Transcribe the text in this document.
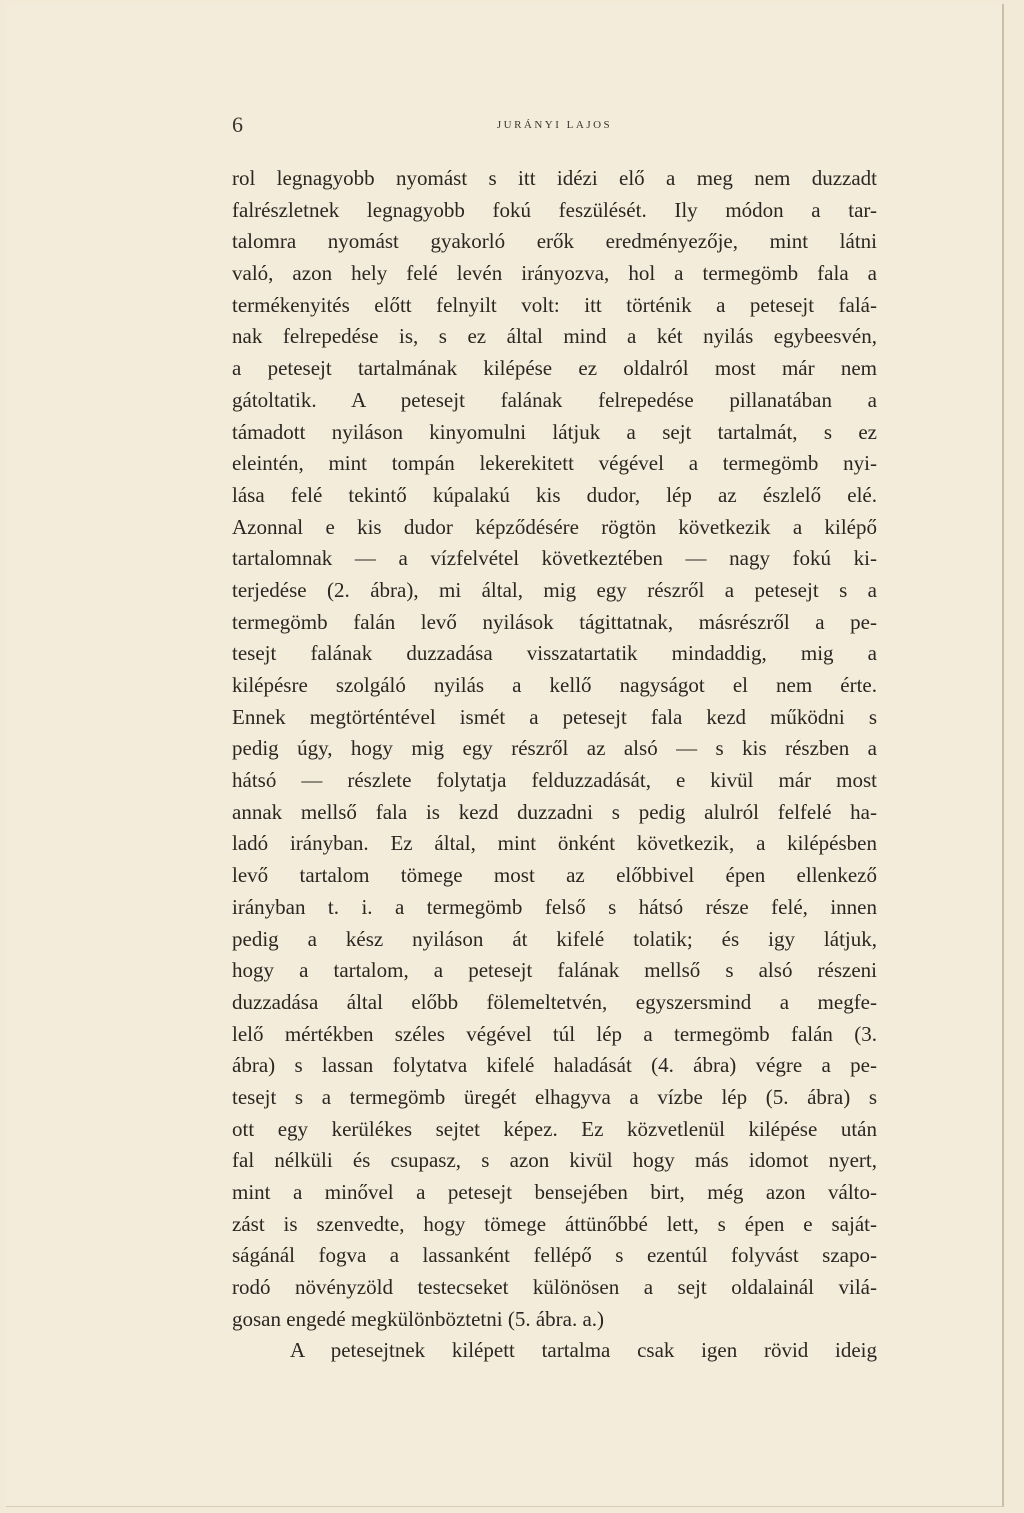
6	JURÁNYI LAJOS
rol legnagyobb nyomást s itt idézi elő a meg nem duzzadt
falrészletnek legnagyobb fokú feszülését. Ily módon a tar-
talomra nyomást gyakorló erők eredményezője, mint látni
való, azon hely felé levén irányozva, hol a termegömb fala a
termékenyités előtt felnyilt volt: itt történik a petesejt falá-
nak felrepedése is, s ez által mind a két nyilás egybeesvén,
a petesejt tartalmának kilépése ez oldalról most már nem
gátoltatik. A petesejt falának felrepedése pillanatában a
támadott nyiláson kinyomulni látjuk a sejt tartalmát, s ez
eleintén, mint tompán lekerekitett végével a termegömb nyi-
lása felé tekintő kúpalakú kis dudor, lép az észlelő elé.
Azonnal e kis dudor képződésére rögtön következik a kilépő
tartalomnak — a vízfelvétel következtében — nagy fokú ki-
terjedése (2. ábra), mi által, mig egy részről a petesejt s a
termegömb falán levő nyilások tágittatnak, másrészről a pe-
tesejt falának duzzadása visszatartatik mindaddig, mig a
kilépésre szolgáló nyilás a kellő nagyságot el nem érte.
Ennek megtörténtével ismét a petesejt fala kezd működni s
pedig úgy, hogy mig egy részről az alsó — s kis részben a
hátsó — részlete folytatja felduzzadását, e kivül már most
annak mellső fala is kezd duzzadni s pedig alulról felfelé ha-
ladó irányban. Ez által, mint önként következik, a kilépésben
levő tartalom tömege most az előbbivel épen ellenkező
irányban t. i. a termegömb felső s hátsó része felé, innen
pedig a kész nyiláson át kifelé tolatik; és igy látjuk,
hogy a tartalom, a petesejt falának mellső s alsó részeni
duzzadása által előbb fölemeltetvén, egyszersmind a megfe-
lelő mértékben széles végével túl lép a termegömb falán (3.
ábra) s lassan folytatva kifelé haladását (4. ábra) végre a pe-
tesejt s a termegömb üregét elhagyva a vízbe lép (5. ábra) s
ott egy kerülékes sejtet képez. Ez közvetlenül kilépése után
fal nélküli és csupasz, s azon kivül hogy más idomot nyert,
mint a minővel a petesejt bensejében birt, még azon válto-
zást is szenvedte, hogy tömege áttünőbbé lett, s épen e saját-
ságánál fogva a lassanként fellépő s ezentúl folyvást szapo-
rodó növényzöld testecseket különösen a sejt oldalainál vilá-
gosan engedé megkülönböztetni (5. ábra. a.)
A petesejtnek kilépett tartalma csak igen rövid ideig
